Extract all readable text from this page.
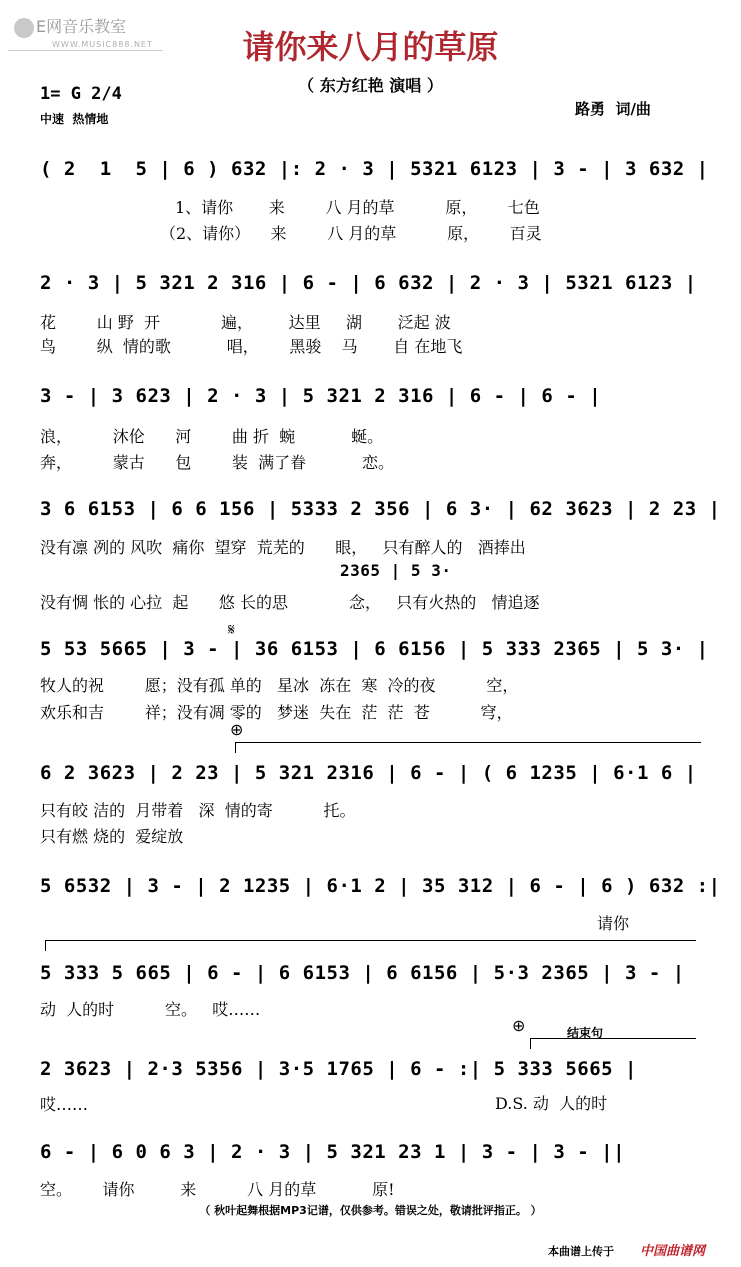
E网音乐教室
WWW.MUSIC888.NET	请你来八月的草原
（ 东方红艳 演唱 ）
1= G 2/4
中速  热情地
路勇  词/曲
( 2  1  5 | 6 ) 632 |: 2 · 3 | 5321 6123 | 3 - | 3 632 |
1、请你       来        八 月的草          原，      七色
（2、请你）    来        八 月的草          原，      百灵
2 · 3 | 5 321 2 316 | 6 - | 6 632 | 2 · 3 | 5321 6123 |
花        山 野  开            遍，       达里     湖       泛起 波
鸟        纵  情的歌           唱，      黑骏    马       自 在地飞
3 - | 3 623 | 2 · 3 | 5 321 2 316 | 6 - | 6 - |
浪，        沐伦      河        曲 折  蜿           蜒。
奔，        蒙古      包        装  满了眷           恋。
3 6 6153 | 6 6 156 | 5333 2 356 | 6 3· | 62 3623 | 2 23 |
没有凛 冽的 风吹  痛你  望穿  荒芜的      眼，   只有醉人的   酒捧出
2365 | 5 3·
没有惆 怅的 心拉  起      悠 长的思            念，   只有火热的   情追逐
𝄋
5 53 5665 | 3 - | 36 6153 | 6 6156 | 5 333 2365 | 5 3· |
牧人的祝        愿；没有孤 单的   星冰  冻在  寒  冷的夜          空，
欢乐和吉        祥；没有凋 零的   梦迷  失在  茫  茫  苍          穹，
⊕
6 2 3623 | 2 23 | 5 321 2316 | 6 - | ( 6 1235 | 6·1 6 |
只有皎 洁的  月带着   深  情的寄          托。
只有燃 烧的  爱绽放
5 6532 | 3 - | 2 1235 | 6·1 2 | 35 312 | 6 - | 6 ) 632 :|
请你
5 333 5 665 | 6 - | 6 6153 | 6 6156 | 5·3 2365 | 3 - |
动  人的时          空。   哎……
⊕	结束句
2 3623 | 2·3 5356 | 3·5 1765 | 6 - :| 5 333 5665 |
哎……	D.S. 动  人的时
6 - | 6 0 6 3 | 2 · 3 | 5 321 23 1 | 3 - | 3 - ||
空。      请你         来          八 月的草           原!
（ 秋叶起舞根据MP3记谱，仅供参考。错误之处，敬请批评指正。 ）
本曲谱上传于 中国曲谱网
